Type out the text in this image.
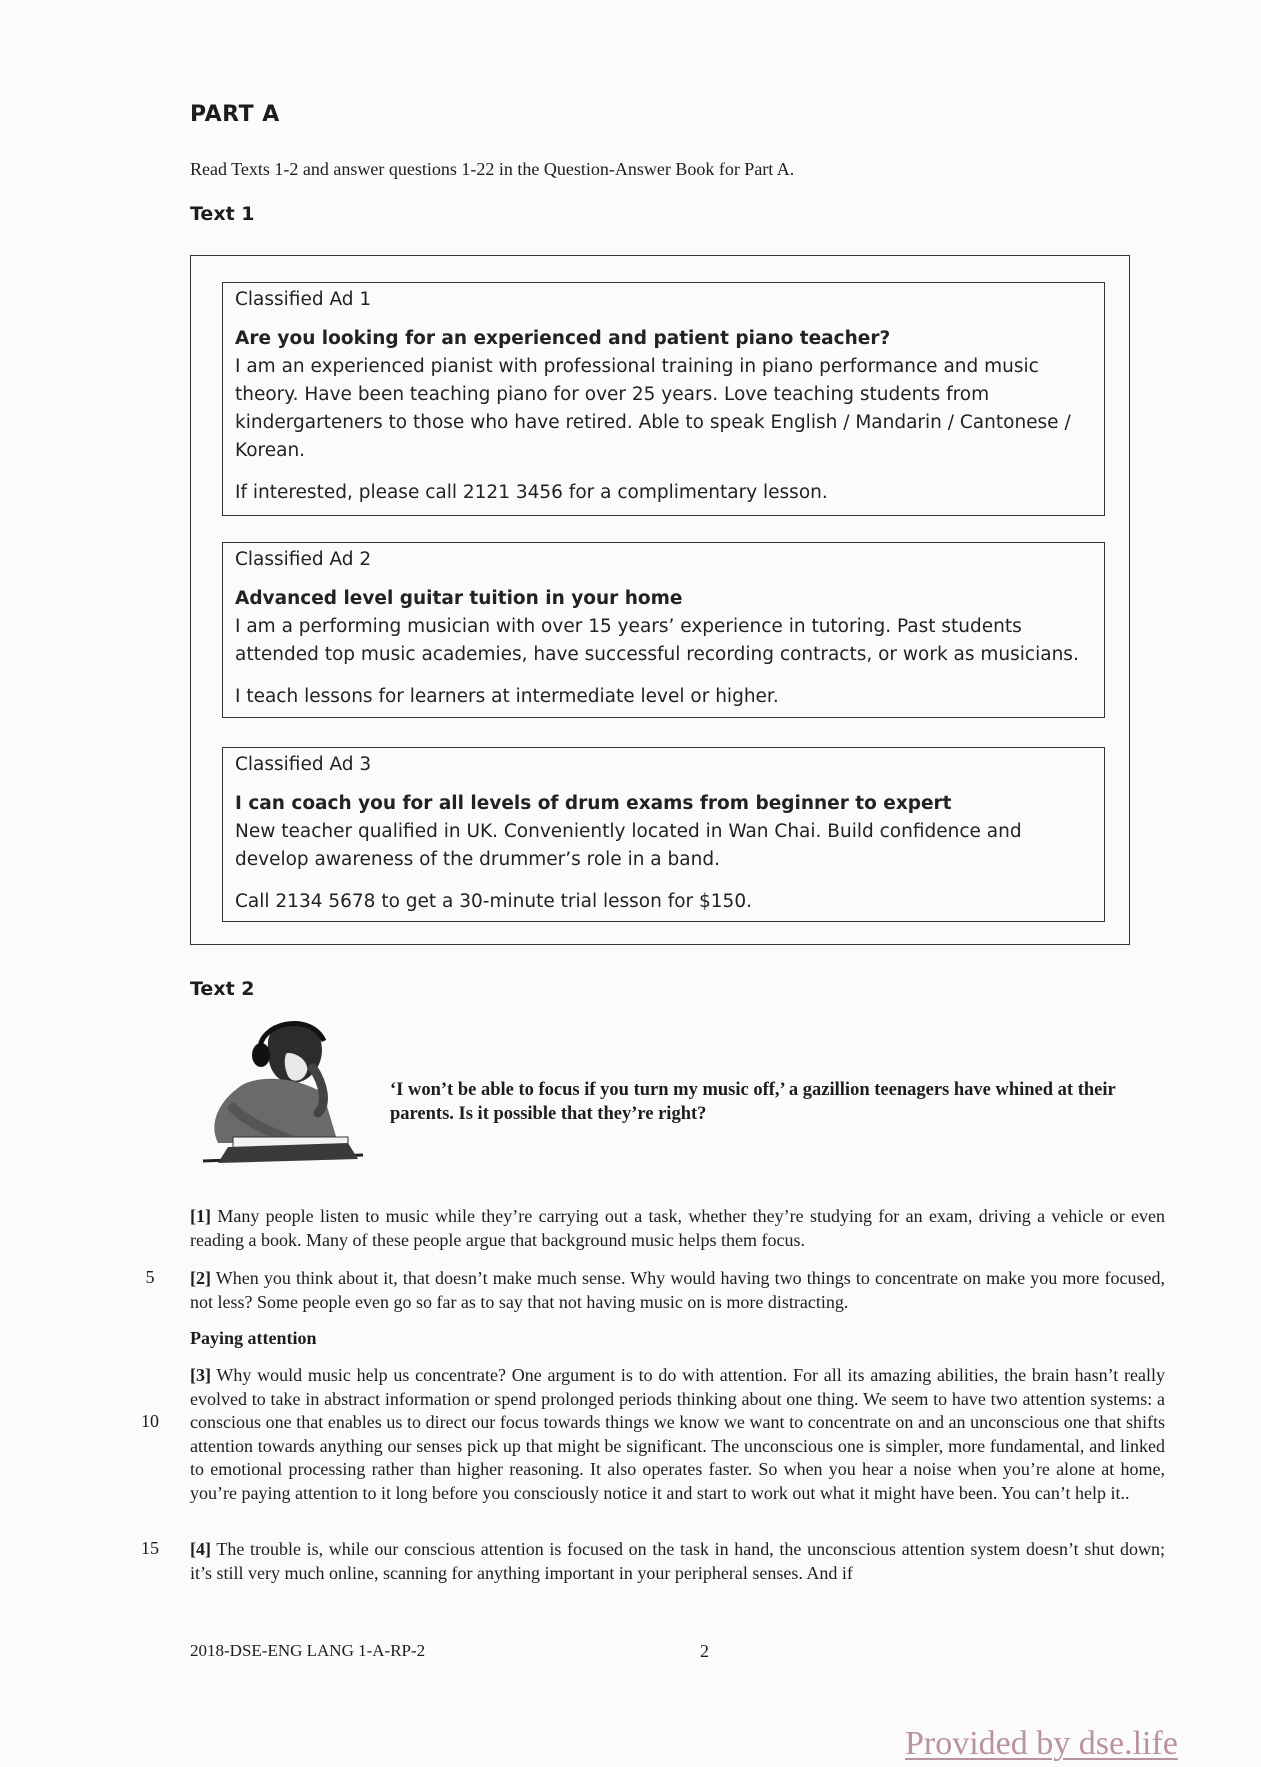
PART A
Read Texts 1-2 and answer questions 1-22 in the Question-Answer Book for Part A.
Text 1
Classified Ad 1
Are you looking for an experienced and patient piano teacher?
I am an experienced pianist with professional training in piano performance and music theory. Have been teaching piano for over 25 years. Love teaching students from kindergarteners to those who have retired. Able to speak English / Mandarin / Cantonese / Korean.
If interested, please call 2121 3456 for a complimentary lesson.
Classified Ad 2
Advanced level guitar tuition in your home
I am a performing musician with over 15 years’ experience in tutoring. Past students attended top music academies, have successful recording contracts, or work as musicians.
I teach lessons for learners at intermediate level or higher.
Classified Ad 3
I can coach you for all levels of drum exams from beginner to expert
New teacher qualified in UK. Conveniently located in Wan Chai. Build confidence and develop awareness of the drummer’s role in a band.
Call 2134 5678 to get a 30-minute trial lesson for $150.
Text 2
‘I won’t be able to focus if you turn my music off,’ a gazillion teenagers have whined at their parents. Is it possible that they’re right?
[1] Many people listen to music while they’re carrying out a task, whether they’re studying for an exam, driving a vehicle or even reading a book. Many of these people argue that background music helps them focus.
5	[2] When you think about it, that doesn’t make much sense. Why would having two things to concentrate on make you more focused, not less? Some people even go so far as to say that not having music on is more distracting.
Paying attention
[3] Why would music help us concentrate? One argument is to do with attention. For all its amazing abilities, the brain hasn’t really evolved to take in abstract information or spend prolonged periods thinking about one thing. We seem to have two attention systems: a conscious one that enables us to direct our focus towards things we know we want to concentrate on and an unconscious one that shifts attention towards anything our senses pick up that might be significant. The unconscious one is simpler, more fundamental, and linked to emotional processing rather than higher reasoning. It also operates faster. So when you hear a noise when you’re alone at home, you’re paying attention to it long before you consciously notice it and start to work out what it might have been. You can’t help it..
10
15	[4] The trouble is, while our conscious attention is focused on the task in hand, the unconscious attention system doesn’t shut down; it’s still very much online, scanning for anything important in your peripheral senses. And if
2018-DSE-ENG LANG 1-A-RP-2	2
Provided by dse.life
